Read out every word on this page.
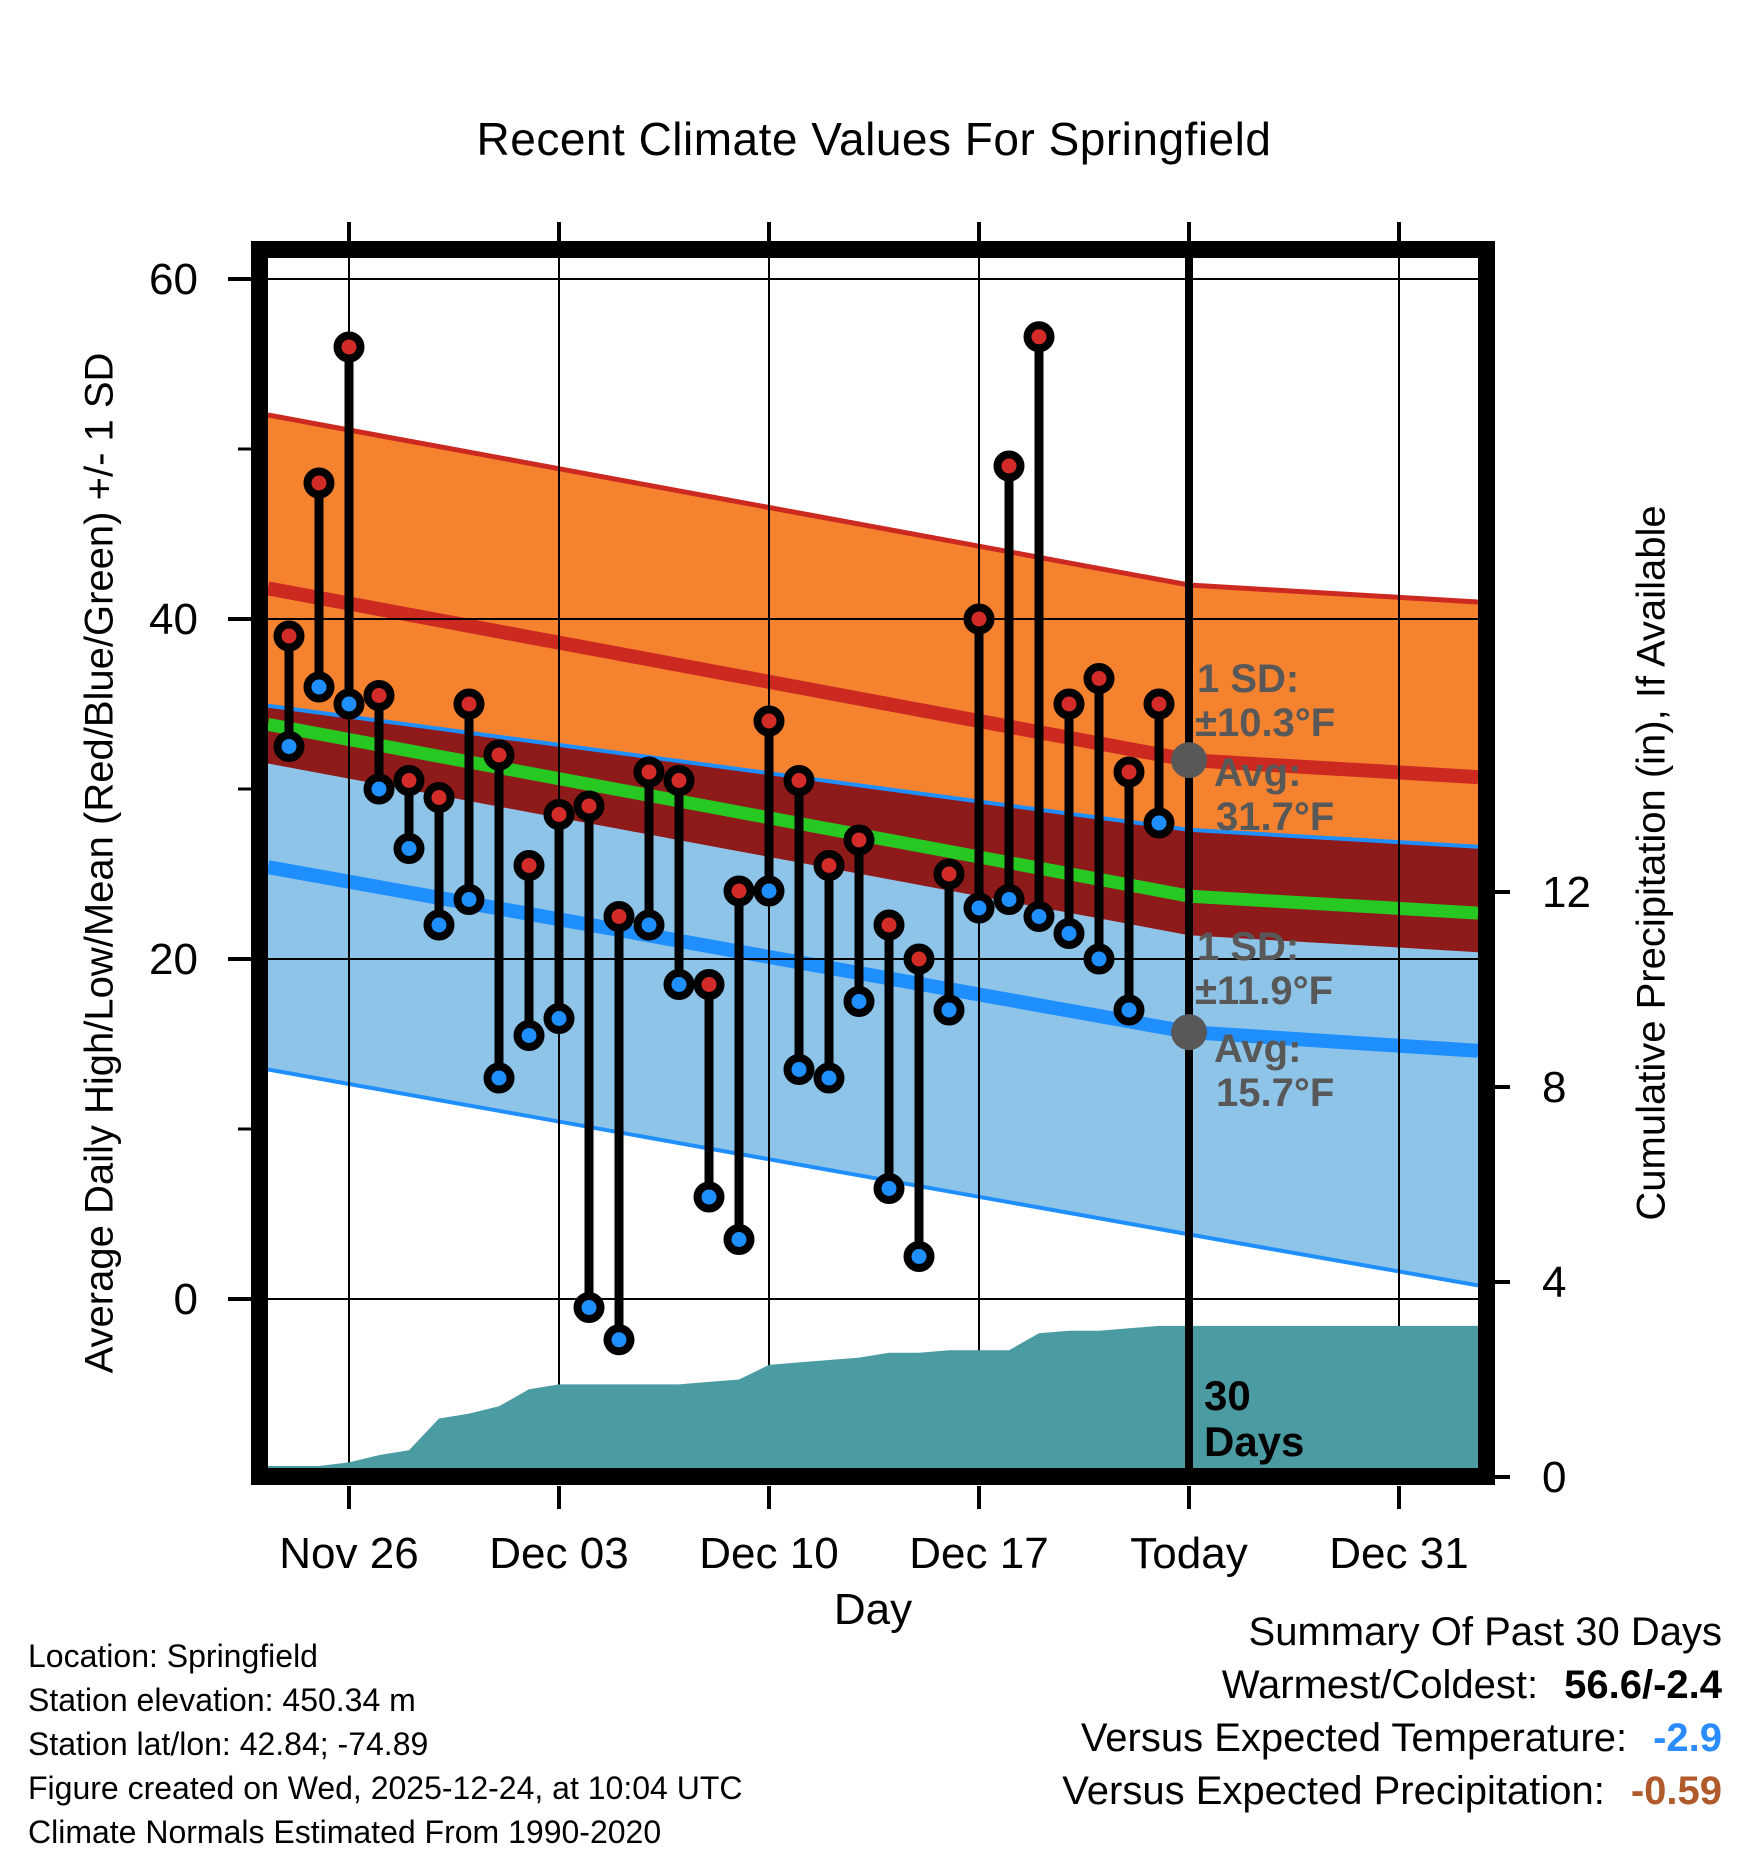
1 SD:
±10.3°F
Avg:
31.7°F
1 SD:
±11.9°F
Avg:
15.7°F
30
Days
60
40
20
0
12
8
4
0
Nov 26 Dec 03 Dec 10 Dec 17 Today Dec 31
Recent Climate Values For Springfield
Average Daily High/Low/Mean (Red/Blue/Green) +/- 1 SD	Cumulative Precipitation (in), If Available
Day
Location: Springfield
Station elevation: 450.34 m
Station lat/lon: 42.84; -74.89
Figure created on Wed, 2025-12-24, at 10:04 UTC
Climate Normals Estimated From 1990-2020
Summary Of Past 30 Days
Warmest/Coldest: 56.6/-2.4
Versus Expected Temperature: -2.9
Versus Expected Precipitation: -0.59
